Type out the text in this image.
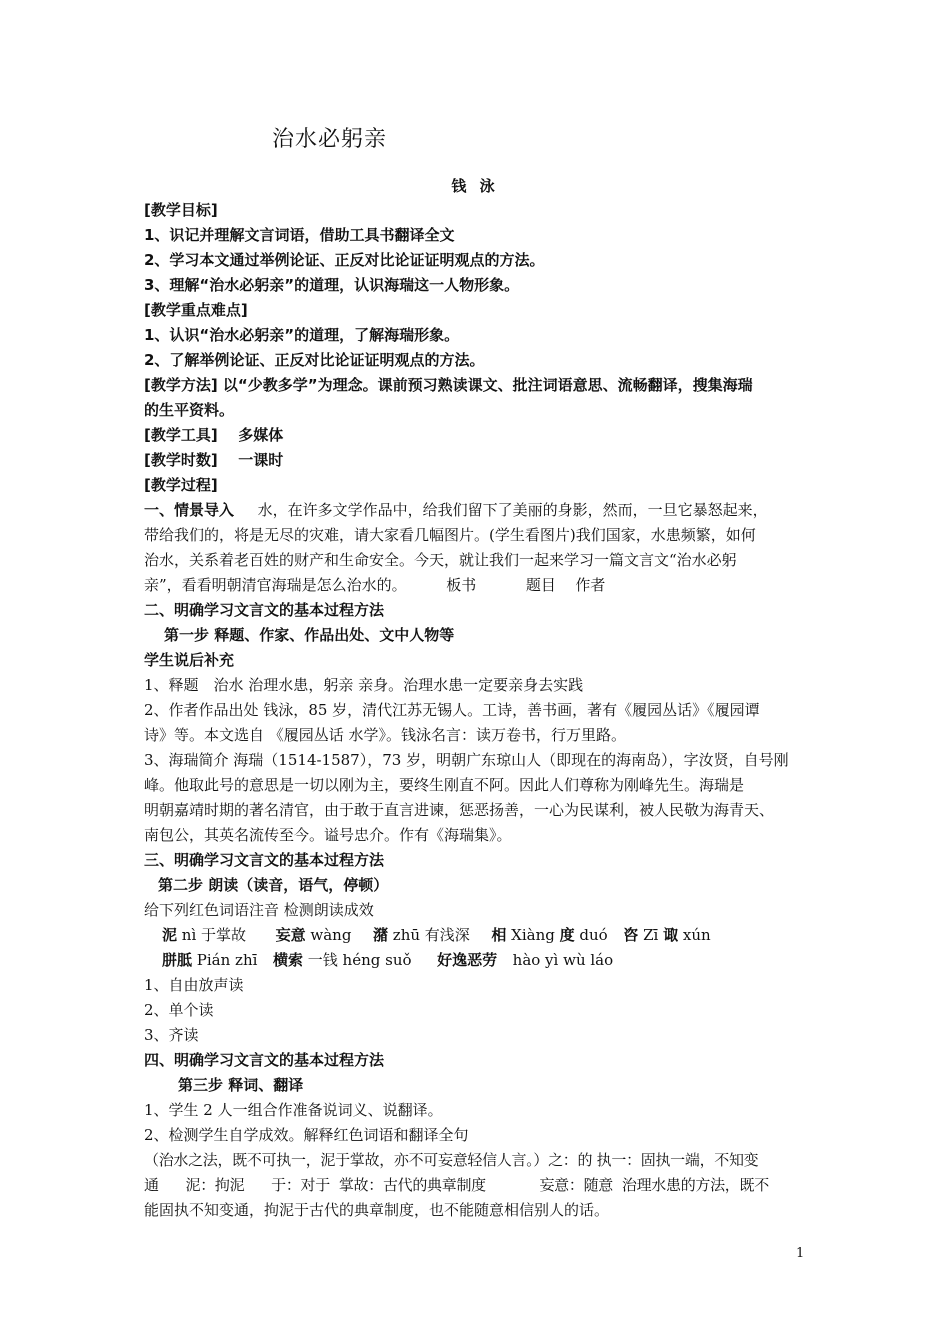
治水必躬亲
钱 泳

[教学目标]

1、识记并理解文言词语，借助工具书翻译全文

2、学习本文通过举例论证、正反对比论证证明观点的方法。

3、理解“治水必躬亲”的道理，认识海瑞这一人物形象。

[教学重点难点]

1、认识“治水必躬亲”的道理，了解海瑞形象。

2、了解举例论证、正反对比论证证明观点的方法。

[教学方法] 以“少教多学”为理念。课前预习熟读课文、批注词语意思、流畅翻译，搜集海瑞

的生平资料。

[教学工具] 多媒体

[教学时数] 一课时

[教学过程]

一、情景导入 水，在许多文学作品中，给我们留下了美丽的身影，然而，一旦它暴怒起来，

带给我们的，将是无尽的灾难，请大家看几幅图片。(学生看图片)我们国家，水患频繁，如何

治水，关系着老百姓的财产和生命安全。今天，就让我们一起来学习一篇文言文“治水必躬

亲”，看看明朝清官海瑞是怎么治水的。	板书	题目 作者

二、明确学习文言文的基本过程方法

第一步 释题、作家、作品出处、文中人物等

学生说后补充

1、释题　治水 治理水患，躬亲 亲身。治理水患一定要亲身去实践

2、作者作品出处 钱泳，85 岁，清代江苏无锡人。工诗，善书画，著有《履园丛话》《履园谭

诗》等。本文选自 《履园丛话 水学》。钱泳名言：读万卷书，行万里路。

3、海瑞简介 海瑞（1514-1587），73 岁，明朝广东琼山人（即现在的海南岛），字汝贤，自号刚

峰。他取此号的意思是一切以刚为主，要终生刚直不阿。因此人们尊称为刚峰先生。海瑞是

明朝嘉靖时期的著名清官，由于敢于直言进谏，惩恶扬善，一心为民谋利，被人民敬为海青天、

南包公，其英名流传至今。谥号忠介。作有《海瑞集》。

三、明确学习文言文的基本过程方法

第二步 朗读（读音，语气，停顿）

给下列红色词语注音 检测朗读成效

泥 nì 于掌故 妄意 wàng 潴 zhū 有浅深 相 Xiàng 度 duó 咨 Zī 诹 xún

胼胝 Pián zhī 横索 一钱 héng suǒ 好逸恶劳 hào yì wù láo

1、自由放声读

2、单个读

3、齐读

四、明确学习文言文的基本过程方法

第三步 释词、翻译

1、学生 2 人一组合作准备说词义、说翻译。

2、检测学生自学成效。解释红色词语和翻译全句

（治水之法，既不可执一，泥于掌故，亦不可妄意轻信人言。）之：的 执一：固执一端，不知变

通      泥：拘泥      于：对于  掌故：古代的典章制度            妄意：随意  治理水患的方法，既不

能固执不知变通，拘泥于古代的典章制度，也不能随意相信别人的话。

1
